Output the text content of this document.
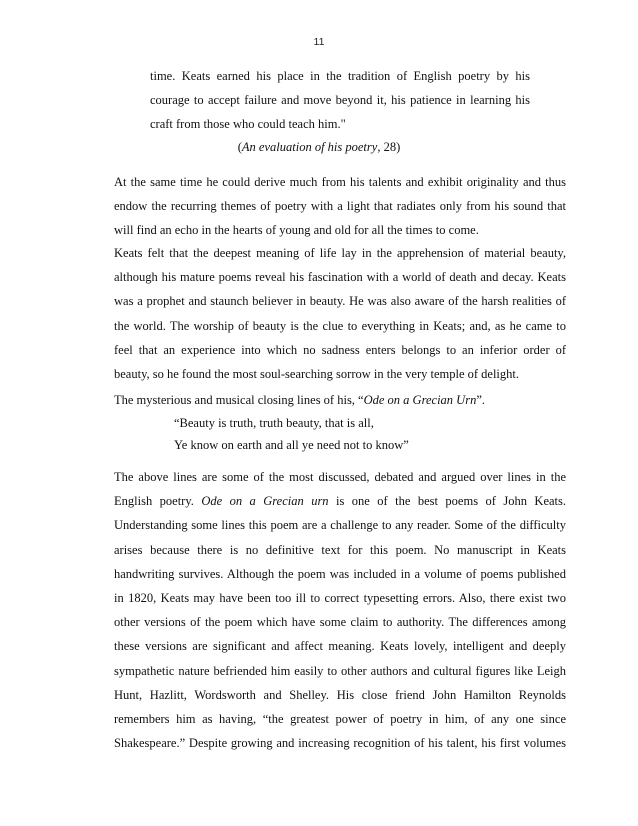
11
time. Keats earned his place in the tradition of English poetry by his
courage to accept failure and move beyond it, his patience in learning his
craft from those who could teach him."
(An evaluation of his poetry, 28)
At the same time he could derive much from his talents and exhibit originality and thus
endow the recurring themes of poetry with a light that radiates only from his sound that
will find an echo in the hearts of young and old for all the times to come.
Keats felt that the deepest meaning of life lay in the apprehension of material beauty,
although his mature poems reveal his fascination with a world of death and decay. Keats
was a prophet and staunch believer in beauty. He was also aware of the harsh realities of
the world. The worship of beauty is the clue to everything in Keats; and, as he came to
feel that an experience into which no sadness enters belongs to an inferior order of
beauty, so he found the most soul-searching sorrow in the very temple of delight.
The mysterious and musical closing lines of his, “Ode on a Grecian Urn”.
“Beauty is truth, truth beauty, that is all,
Ye know on earth and all ye need not to know”
The above lines are some of the most discussed, debated and argued over lines in the
English poetry. Ode on a Grecian urn is one of the best poems of John Keats.
Understanding some lines this poem are a challenge to any reader. Some of the difficulty
arises because there is no definitive text for this poem. No manuscript in Keats
handwriting survives. Although the poem was included in a volume of poems published
in 1820, Keats may have been too ill to correct typesetting errors. Also, there exist two
other versions of the poem which have some claim to authority. The differences among
these versions are significant and affect meaning. Keats lovely, intelligent and deeply
sympathetic nature befriended him easily to other authors and cultural figures like Leigh
Hunt, Hazlitt, Wordsworth and Shelley. His close friend John Hamilton Reynolds
remembers him as having, “the greatest power of poetry in him, of any one since
Shakespeare.” Despite growing and increasing recognition of his talent, his first volumes
